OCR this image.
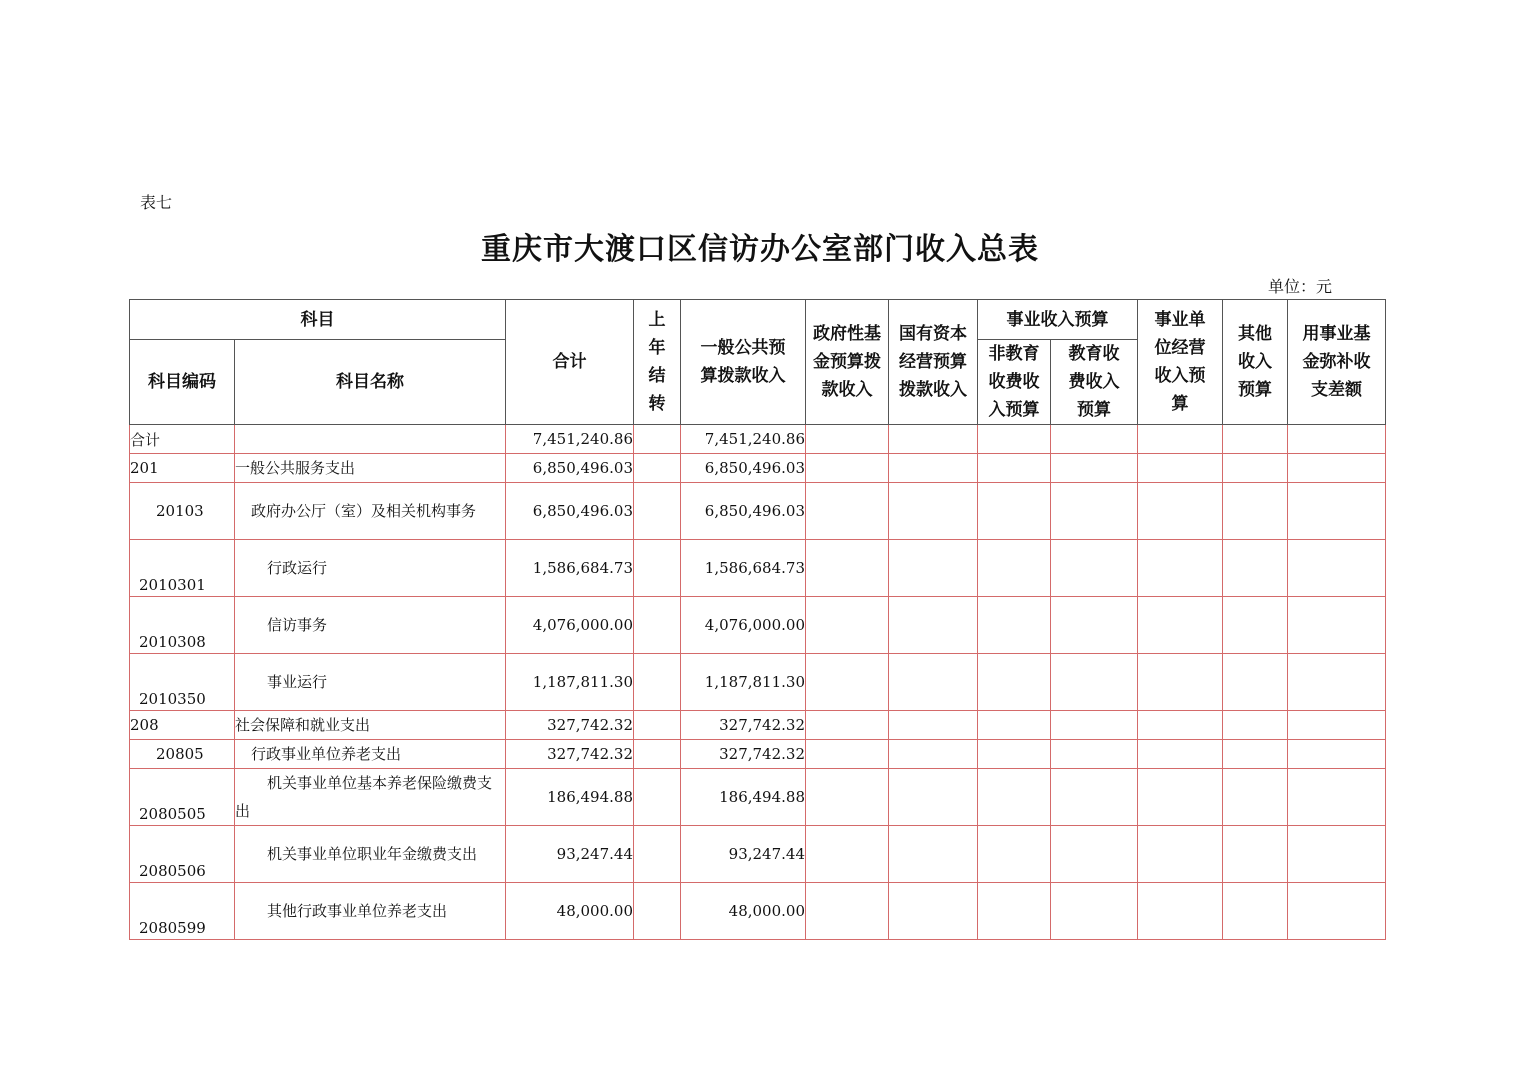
表七
重庆市大渡口区信访办公室部门收入总表
单位：元
科目		合计	上年结转	一般公共预算拨款收入	政府性基金预算拨款收入	国有资本经营预算拨款收入	事业收入预算		事业单位经营收入预算	其他收入预算	用事业基金弥补收支差额
科目编码	科目名称						非教育收费收入预算	教育收费收入预算			
合计		7,451,240.86		7,451,240.86							
201	一般公共服务支出	6,850,496.03		6,850,496.03							
20103	政府办公厅（室）及相关机构事务	6,850,496.03		6,850,496.03							
2010301	行政运行	1,586,684.73		1,586,684.73							
2010308	信访事务	4,076,000.00		4,076,000.00							
2010350	事业运行	1,187,811.30		1,187,811.30							
208	社会保障和就业支出	327,742.32		327,742.32							
20805	行政事业单位养老支出	327,742.32		327,742.32							
2080505	机关事业单位基本养老保险缴费支出	186,494.88		186,494.88							
2080506	机关事业单位职业年金缴费支出	93,247.44		93,247.44							
2080599	其他行政事业单位养老支出	48,000.00		48,000.00							
